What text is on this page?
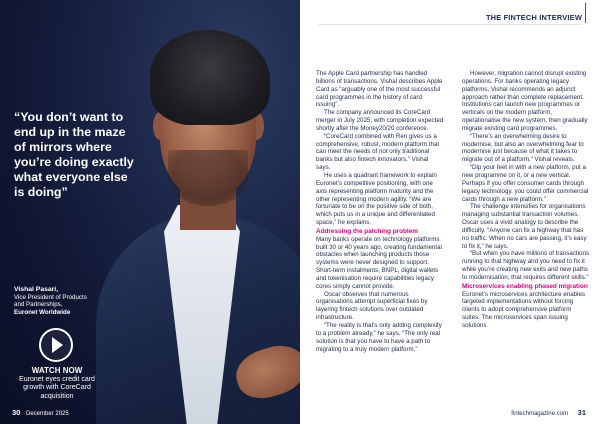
“You don’t want to end up in the maze of mirrors where you’re doing exactly what everyone else is doing”
Vishal Pasari,
Vice President of Products
and Partnerships,
Euronet Worldwide
WATCH NOW
Euronet eyes credit card growth with CoreCard acquisition
30 December 2025
THE FINTECH INTERVIEW

The Apple Card partnership has handled billions of transactions. Vishal describes Apple Card as “arguably one of the most successful card programmes in the history of card issuing”.

The company announced its CoreCard merger in July 2025, with completion expected shortly after the Money20/20 conference.

“CoreCard combined with Ren gives us a comprehensive, robust, modern platform that can meet the needs of not only traditional banks but also fintech innovators,” Vishal says.

He uses a quadrant framework to explain Euronet’s competitive positioning, with one axis representing platform maturity and the other representing modern agility. “We are fortunate to be on the positive side of both, which puts us in a unique and differentiated space,” he explains.

Addressing the patching problem

Many banks operate on technology platforms built 30 or 40 years ago, creating fundamental obstacles when launching products those systems were never designed to support. Short-term instalments, BNPL, digital wallets and tokenisation require capabilities legacy cores simply cannot provide.

Oscar observes that numerous organisations attempt superficial fixes by layering fintech solutions over outdated infrastructure.

“The reality is that’s only adding complexity to a problem already,” he says. “The only real solution is that you have to have a path to migrating to a truly modern platform.”

However, migration cannot disrupt existing operations. For banks operating legacy platforms, Vishal recommends an adjunct approach rather than complete replacement. Institutions can launch new programmes or verticals on the modern platform, operationalise the new system, then gradually migrate existing card programmes.

“There’s an overwhelming desire to modernise, but also an overwhelming fear to modernise just because of what it takes to migrate out of a platform,” Vishal reveals.

“Dip your feet in with a new platform, put a new programme on it, or a new vertical. Perhaps if you offer consumer cards through legacy technology, you could offer commercial cards through a new platform.”

The challenge intensifies for organisations managing substantial transaction volumes. Oscar uses a vivid analogy to describe the difficulty. “Anyone can fix a highway that has no traffic. When no cars are passing, it’s easy to fix it,” he says.

“But when you have millions of transactions running to that highway and you need to fix it while you’re creating new exits and new paths to modernisation, that requires different skills.”

Microservices enabling phased migration

Euronet’s microservices architecture enables targeted implementations without forcing clients to adopt comprehensive platform suites. The microservices span issuing solutions

fintechmagazine.com 31
